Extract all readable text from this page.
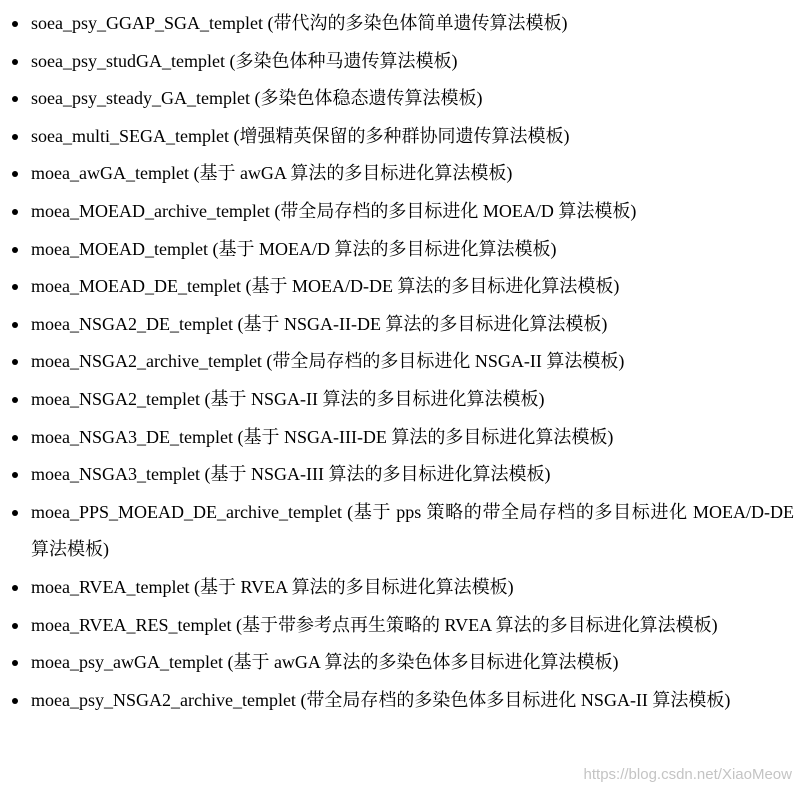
soea_psy_GGAP_SGA_templet (带代沟的多染色体简单遗传算法模板)
soea_psy_studGA_templet (多染色体种马遗传算法模板)
soea_psy_steady_GA_templet (多染色体稳态遗传算法模板)
soea_multi_SEGA_templet (增强精英保留的多种群协同遗传算法模板)
moea_awGA_templet (基于 awGA 算法的多目标进化算法模板)
moea_MOEAD_archive_templet (带全局存档的多目标进化 MOEA/D 算法模板)
moea_MOEAD_templet (基于 MOEA/D 算法的多目标进化算法模板)
moea_MOEAD_DE_templet (基于 MOEA/D-DE 算法的多目标进化算法模板)
moea_NSGA2_DE_templet (基于 NSGA-II-DE 算法的多目标进化算法模板)
moea_NSGA2_archive_templet (带全局存档的多目标进化 NSGA-II 算法模板)
moea_NSGA2_templet (基于 NSGA-II 算法的多目标进化算法模板)
moea_NSGA3_DE_templet (基于 NSGA-III-DE 算法的多目标进化算法模板)
moea_NSGA3_templet (基于 NSGA-III 算法的多目标进化算法模板)
moea_PPS_MOEAD_DE_archive_templet (基于 pps 策略的带全局存档的多目标进化 MOEA/D-DE 算法模板)
moea_RVEA_templet (基于 RVEA 算法的多目标进化算法模板)
moea_RVEA_RES_templet (基于带参考点再生策略的 RVEA 算法的多目标进化算法模板)
moea_psy_awGA_templet (基于 awGA 算法的多染色体多目标进化算法模板)
moea_psy_NSGA2_archive_templet (带全局存档的多染色体多目标进化 NSGA-II 算法模板)
https://blog.csdn.net/XiaoMeow
